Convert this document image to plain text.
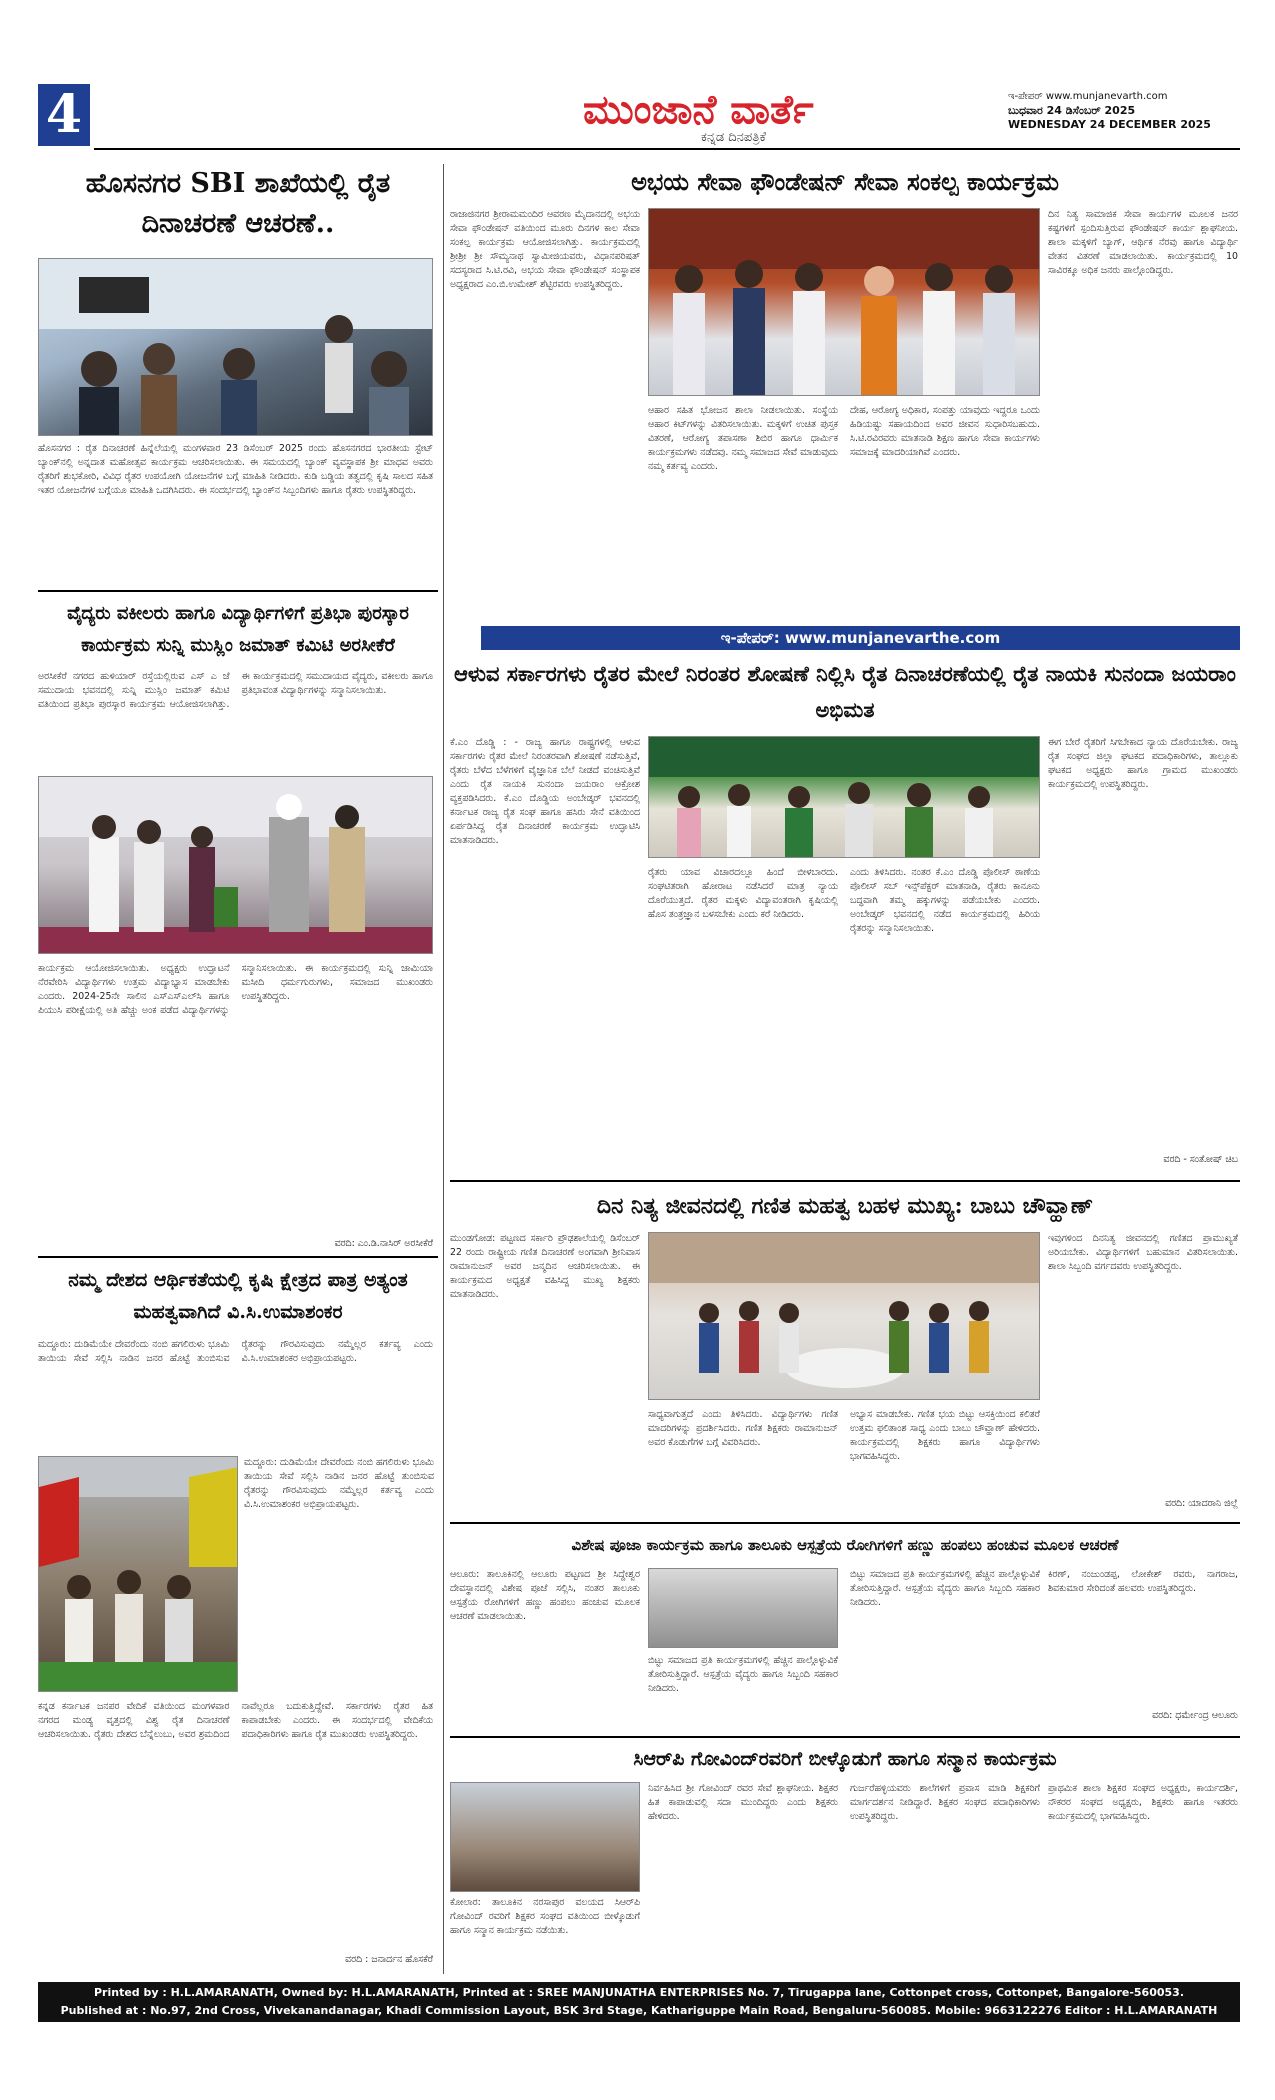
4	ಮುಂಜಾನೆ ವಾರ್ತೆ
ಕನ್ನಡ ದಿನಪತ್ರಿಕೆ
ಇ-ಪೇಪರ್ www.munjanevarth.com
ಬುಧವಾರ 24 ಡಿಸೆಂಬರ್ 2025
WEDNESDAY 24 DECEMBER 2025
ಹೊಸನಗರ SBI ಶಾಖೆಯಲ್ಲಿ ರೈತ ದಿನಾಚರಣೆ ಆಚರಣೆ..
ಹೊಸನಗರ : ರೈತ ದಿನಾಚರಣೆ ಹಿನ್ನೆಲೆಯಲ್ಲಿ ಮಂಗಳವಾರ 23 ಡಿಸೆಂಬರ್ 2025 ರಂದು ಹೊಸನಗರದ ಭಾರತೀಯ ಸ್ಟೇಟ್ ಬ್ಯಾಂಕ್‌ನಲ್ಲಿ ಅನ್ನದಾತ ಮಹೋತ್ಸವ ಕಾರ್ಯಕ್ರಮ ಆಚರಿಸಲಾಯಿತು. ಈ ಸಮಯದಲ್ಲಿ ಬ್ಯಾಂಕ್ ವ್ಯವಸ್ಥಾಪಕ ಶ್ರೀ ಮಾಧವ ಅವರು ರೈತರಿಗೆ ಶುಭಕೋರಿ, ವಿವಿಧ ರೈತರ ಉಪಯೋಗಿ ಯೋಜನೆಗಳ ಬಗ್ಗೆ ಮಾಹಿತಿ ನೀಡಿದರು. ಕುಡಿ ಬಡ್ಡಿಯ ತತ್ವದಲ್ಲಿ ಕೃಷಿ ಸಾಲದ ಸಹಿತ ಇತರ ಯೋಜನೆಗಳ ಬಗ್ಗೆಯೂ ಮಾಹಿತಿ ಒದಗಿಸಿದರು. ಈ ಸಂದರ್ಭದಲ್ಲಿ ಬ್ಯಾಂಕ್‌ನ ಸಿಬ್ಬಂದಿಗಳು ಹಾಗೂ ರೈತರು ಉಪಸ್ಥಿತರಿದ್ದರು.
ವೈದ್ಯರು ವಕೀಲರು ಹಾಗೂ ವಿದ್ಯಾರ್ಥಿಗಳಿಗೆ ಪ್ರತಿಭಾ ಪುರಸ್ಕಾರ ಕಾರ್ಯಕ್ರಮ ಸುನ್ನಿ ಮುಸ್ಲಿಂ ಜಮಾತ್ ಕಮಿಟಿ ಅರಸೀಕೆರೆ
ಅರಸೀಕೆರೆ ನಗರದ ಹುಳಿಯಾರ್ ರಸ್ತೆಯಲ್ಲಿರುವ ಎಸ್ ಎ ಜೆ ಸಮುದಾಯ ಭವನದಲ್ಲಿ ಸುನ್ನಿ ಮುಸ್ಲಿಂ ಜಮಾತ್ ಕಮಿಟಿ ವತಿಯಿಂದ ಪ್ರತಿಭಾ ಪುರಸ್ಕಾರ ಕಾರ್ಯಕ್ರಮ ಆಯೋಜಿಸಲಾಗಿತ್ತು. ಈ ಕಾರ್ಯಕ್ರಮದಲ್ಲಿ ಸಮುದಾಯದ ವೈದ್ಯರು, ವಕೀಲರು ಹಾಗೂ ಪ್ರತಿಭಾವಂತ ವಿದ್ಯಾರ್ಥಿಗಳನ್ನು ಸನ್ಮಾನಿಸಲಾಯಿತು.
ಕಾರ್ಯಕ್ರಮ ಆಯೋಜಿಸಲಾಯಿತು. ಅಧ್ಯಕ್ಷರು ಉದ್ಘಾಟನೆ ನೆರವೇರಿಸಿ ವಿದ್ಯಾರ್ಥಿಗಳು ಉತ್ತಮ ವಿದ್ಯಾಭ್ಯಾಸ ಮಾಡಬೇಕು ಎಂದರು. 2024-25ನೇ ಸಾಲಿನ ಎಸ್‌ಎಸ್‌ಎಲ್‌ಸಿ ಹಾಗೂ ಪಿಯುಸಿ ಪರೀಕ್ಷೆಯಲ್ಲಿ ಅತಿ ಹೆಚ್ಚು ಅಂಕ ಪಡೆದ ವಿದ್ಯಾರ್ಥಿಗಳನ್ನು ಸನ್ಮಾನಿಸಲಾಯಿತು. ಈ ಕಾರ್ಯಕ್ರಮದಲ್ಲಿ ಸುನ್ನಿ ಜಾಮಿಯಾ ಮಸೀದಿ ಧರ್ಮಗುರುಗಳು, ಸಮಾಜದ ಮುಖಂಡರು ಉಪಸ್ಥಿತರಿದ್ದರು.
ವರದಿ: ಎಂ.ಡಿ.ನಾಸಿರ್ ಅರಸೀಕೆರೆ
ನಮ್ಮ ದೇಶದ ಆರ್ಥಿಕತೆಯಲ್ಲಿ ಕೃಷಿ ಕ್ಷೇತ್ರದ ಪಾತ್ರ ಅತ್ಯಂತ ಮಹತ್ವವಾಗಿದೆ ವಿ.ಸಿ.ಉಮಾಶಂಕರ
ಮದ್ದೂರು: ದುಡಿಮೆಯೇ ದೇವರೆಂದು ನಂಬಿ ಹಗಲಿರುಳು ಭೂಮಿ ತಾಯಿಯ ಸೇವೆ ಸಲ್ಲಿಸಿ ನಾಡಿನ ಜನರ ಹೊಟ್ಟೆ ತುಂಬಿಸುವ ರೈತರನ್ನು ಗೌರವಿಸುವುದು ನಮ್ಮೆಲ್ಲರ ಕರ್ತವ್ಯ ಎಂದು ವಿ.ಸಿ.ಉಮಾಶಂಕರ ಅಭಿಪ್ರಾಯಪಟ್ಟರು.
ಮದ್ದೂರು: ದುಡಿಮೆಯೇ ದೇವರೆಂದು ನಂಬಿ ಹಗಲಿರುಳು ಭೂಮಿ ತಾಯಿಯ ಸೇವೆ ಸಲ್ಲಿಸಿ ನಾಡಿನ ಜನರ ಹೊಟ್ಟೆ ತುಂಬಿಸುವ ರೈತರನ್ನು ಗೌರವಿಸುವುದು ನಮ್ಮೆಲ್ಲರ ಕರ್ತವ್ಯ ಎಂದು ವಿ.ಸಿ.ಉಮಾಶಂಕರ ಅಭಿಪ್ರಾಯಪಟ್ಟರು.
ಕನ್ನಡ ಕರ್ನಾಟಕ ಜನಪರ ವೇದಿಕೆ ವತಿಯಿಂದ ಮಂಗಳವಾರ ನಗರದ ಮಂಡ್ಯ ವೃತ್ತದಲ್ಲಿ ವಿಶ್ವ ರೈತ ದಿನಾಚರಣೆ ಆಚರಿಸಲಾಯಿತು. ರೈತರು ದೇಶದ ಬೆನ್ನೆಲುಬು, ಅವರ ಶ್ರಮದಿಂದ ನಾವೆಲ್ಲರೂ ಬದುಕುತ್ತಿದ್ದೇವೆ. ಸರ್ಕಾರಗಳು ರೈತರ ಹಿತ ಕಾಪಾಡಬೇಕು ಎಂದರು. ಈ ಸಂದರ್ಭದಲ್ಲಿ ವೇದಿಕೆಯ ಪದಾಧಿಕಾರಿಗಳು ಹಾಗೂ ರೈತ ಮುಖಂಡರು ಉಪಸ್ಥಿತರಿದ್ದರು.
ವರದಿ : ಜನಾರ್ದನ ಹೊಸಕೆರೆ
ಅಭಯ ಸೇವಾ ಫೌಂಡೇಷನ್ ಸೇವಾ ಸಂಕಲ್ಪ ಕಾರ್ಯಕ್ರಮ
ರಾಜಾಜಿನಗರ ಶ್ರೀರಾಮಮಂದಿರ ಆವರಣ ಮೈದಾನದಲ್ಲಿ ಅಭಯ ಸೇವಾ ಫೌಂಡೇಷನ್ ವತಿಯಿಂದ ಮೂರು ದಿನಗಳ ಕಾಲ ಸೇವಾ ಸಂಕಲ್ಪ ಕಾರ್ಯಕ್ರಮ ಆಯೋಜಿಸಲಾಗಿತ್ತು. ಕಾರ್ಯಕ್ರಮದಲ್ಲಿ ಶ್ರೀಶ್ರೀ ಶ್ರೀ ಸೌಮ್ಯನಾಥ ಸ್ವಾಮೀಜಿಯವರು, ವಿಧಾನಪರಿಷತ್ ಸದಸ್ಯರಾದ ಸಿ.ಟಿ.ರವಿ, ಅಭಯ ಸೇವಾ ಫೌಂಡೇಷನ್ ಸಂಸ್ಥಾಪಕ ಅಧ್ಯಕ್ಷರಾದ ಎಂ.ಬಿ.ಉಮೇಶ್ ಶೆಟ್ಟಿರವರು ಉಪಸ್ಥಿತರಿದ್ದರು.
ಆಹಾರ ಸಹಿತ ಭೋಜನ ಶಾಲಾ ನೀಡಲಾಯಿತು. ಸಂಸ್ಥೆಯ ಆಹಾರ ಕಿಟ್‌ಗಳನ್ನು ವಿತರಿಸಲಾಯಿತು. ಮಕ್ಕಳಿಗೆ ಉಚಿತ ಪುಸ್ತಕ ವಿತರಣೆ, ಆರೋಗ್ಯ ತಪಾಸಣಾ ಶಿಬಿರ ಹಾಗೂ ಧಾರ್ಮಿಕ ಕಾರ್ಯಕ್ರಮಗಳು ನಡೆದವು. ನಮ್ಮ ಸಮಾಜದ ಸೇವೆ ಮಾಡುವುದು ನಮ್ಮ ಕರ್ತವ್ಯ ಎಂದರು.
ದೇಹ, ಆರೋಗ್ಯ ಅಧಿಕಾರ, ಸಂಪತ್ತು ಯಾವುದು ಇದ್ದರೂ ಒಂದು ಹಿಡಿಯಷ್ಟು ಸಹಾಯದಿಂದ ಅವರ ಜೀವನ ಸುಧಾರಿಸಬಹುದು. ಸಿ.ಟಿ.ರವಿರವರು ಮಾತನಾಡಿ ಶಿಕ್ಷಣ ಹಾಗೂ ಸೇವಾ ಕಾರ್ಯಗಳು ಸಮಾಜಕ್ಕೆ ಮಾದರಿಯಾಗಿವೆ ಎಂದರು.
ದಿನ ನಿತ್ಯ ಸಾಮಾಜಿಕ ಸೇವಾ ಕಾರ್ಯಗಳ ಮೂಲಕ ಜನರ ಕಷ್ಟಗಳಿಗೆ ಸ್ಪಂದಿಸುತ್ತಿರುವ ಫೌಂಡೇಷನ್ ಕಾರ್ಯ ಶ್ಲಾಘನೀಯ. ಶಾಲಾ ಮಕ್ಕಳಿಗೆ ಬ್ಯಾಗ್, ಆರ್ಥಿಕ ನೆರವು ಹಾಗೂ ವಿದ್ಯಾರ್ಥಿ ವೇತನ ವಿತರಣೆ ಮಾಡಲಾಯಿತು. ಕಾರ್ಯಕ್ರಮದಲ್ಲಿ 10 ಸಾವಿರಕ್ಕೂ ಅಧಿಕ ಜನರು ಪಾಲ್ಗೊಂಡಿದ್ದರು.
ಇ-ಪೇಪರ್: www.munjanevarthe.com
ಆಳುವ ಸರ್ಕಾರಗಳು ರೈತರ ಮೇಲೆ ನಿರಂತರ ಶೋಷಣೆ ನಿಲ್ಲಿಸಿ ರೈತ ದಿನಾಚರಣೆಯಲ್ಲಿ ರೈತ ನಾಯಕಿ ಸುನಂದಾ ಜಯರಾಂ ಅಭಿಮತ
ಕೆ.ಎಂ ದೊಡ್ಡಿ : - ರಾಜ್ಯ ಹಾಗೂ ರಾಷ್ಟ್ರಗಳಲ್ಲಿ ಆಳುವ ಸರ್ಕಾರಗಳು ರೈತರ ಮೇಲೆ ನಿರಂತರವಾಗಿ ಶೋಷಣೆ ನಡೆಸುತ್ತಿವೆ, ರೈತರು ಬೆಳೆದ ಬೆಳೆಗಳಿಗೆ ವೈಜ್ಞಾನಿಕ ಬೆಲೆ ನೀಡದೆ ವಂಚಿಸುತ್ತಿವೆ ಎಂದು ರೈತ ನಾಯಕಿ ಸುನಂದಾ ಜಯರಾಂ ಆಕ್ರೋಶ ವ್ಯಕ್ತಪಡಿಸಿದರು. ಕೆ.ಎಂ ದೊಡ್ಡಿಯ ಅಂಬೇಡ್ಕರ್ ಭವನದಲ್ಲಿ ಕರ್ನಾಟಕ ರಾಜ್ಯ ರೈತ ಸಂಘ ಹಾಗೂ ಹಸಿರು ಸೇನೆ ವತಿಯಿಂದ ಏರ್ಪಡಿಸಿದ್ದ ರೈತ ದಿನಾಚರಣೆ ಕಾರ್ಯಕ್ರಮ ಉದ್ಘಾಟಿಸಿ ಮಾತನಾಡಿದರು.
ರೈತರು ಯಾವ ವಿಚಾರದಲ್ಲೂ ಹಿಂದೆ ಬೀಳಬಾರದು. ಸಂಘಟಿತರಾಗಿ ಹೋರಾಟ ನಡೆಸಿದರೆ ಮಾತ್ರ ನ್ಯಾಯ ದೊರೆಯುತ್ತದೆ. ರೈತರ ಮಕ್ಕಳು ವಿದ್ಯಾವಂತರಾಗಿ ಕೃಷಿಯಲ್ಲಿ ಹೊಸ ತಂತ್ರಜ್ಞಾನ ಬಳಸಬೇಕು ಎಂದು ಕರೆ ನೀಡಿದರು.
ಎಂದು ತಿಳಿಸಿದರು. ನಂತರ ಕೆ.ಎಂ ದೊಡ್ಡಿ ಪೊಲೀಸ್ ಠಾಣೆಯ ಪೊಲೀಸ್ ಸಬ್ ಇನ್ಸ್‌ಪೆಕ್ಟರ್ ಮಾತನಾಡಿ, ರೈತರು ಕಾನೂನು ಬದ್ಧವಾಗಿ ತಮ್ಮ ಹಕ್ಕುಗಳನ್ನು ಪಡೆಯಬೇಕು ಎಂದರು. ಅಂಬೇಡ್ಕರ್ ಭವನದಲ್ಲಿ ನಡೆದ ಕಾರ್ಯಕ್ರಮದಲ್ಲಿ ಹಿರಿಯ ರೈತರನ್ನು ಸನ್ಮಾನಿಸಲಾಯಿತು.
ಈಗ ಬೇರೆ ರೈತರಿಗೆ ಸಿಗಬೇಕಾದ ನ್ಯಾಯ ದೊರೆಯಬೇಕು. ರಾಜ್ಯ ರೈತ ಸಂಘದ ಜಿಲ್ಲಾ ಘಟಕದ ಪದಾಧಿಕಾರಿಗಳು, ತಾಲ್ಲೂಕು ಘಟಕದ ಅಧ್ಯಕ್ಷರು ಹಾಗೂ ಗ್ರಾಮದ ಮುಖಂಡರು ಕಾರ್ಯಕ್ರಮದಲ್ಲಿ ಉಪಸ್ಥಿತರಿದ್ದರು.
ವರದಿ - ಸಂತೋಷ್ ಚಿಬ
ದಿನ ನಿತ್ಯ ಜೀವನದಲ್ಲಿ ಗಣಿತ ಮಹತ್ವ ಬಹಳ ಮುಖ್ಯ: ಬಾಬು ಚೌವ್ಹಾಣ್
ಮುಂಡಗೋಡ: ಪಟ್ಟಣದ ಸರ್ಕಾರಿ ಪ್ರೌಢಶಾಲೆಯಲ್ಲಿ ಡಿಸೆಂಬರ್ 22 ರಂದು ರಾಷ್ಟ್ರೀಯ ಗಣಿತ ದಿನಾಚರಣೆ ಅಂಗವಾಗಿ ಶ್ರೀನಿವಾಸ ರಾಮಾನುಜನ್ ಅವರ ಜನ್ಮದಿನ ಆಚರಿಸಲಾಯಿತು. ಈ ಕಾರ್ಯಕ್ರಮದ ಅಧ್ಯಕ್ಷತೆ ವಹಿಸಿದ್ದ ಮುಖ್ಯ ಶಿಕ್ಷಕರು ಮಾತನಾಡಿದರು.
ಸಾಧ್ಯವಾಗುತ್ತದೆ ಎಂದು ತಿಳಿಸಿದರು. ವಿದ್ಯಾರ್ಥಿಗಳು ಗಣಿತ ಮಾದರಿಗಳನ್ನು ಪ್ರದರ್ಶಿಸಿದರು. ಗಣಿತ ಶಿಕ್ಷಕರು ರಾಮಾನುಜನ್ ಅವರ ಕೊಡುಗೆಗಳ ಬಗ್ಗೆ ವಿವರಿಸಿದರು.
ಅಭ್ಯಾಸ ಮಾಡಬೇಕು. ಗಣಿತ ಭಯ ಬಿಟ್ಟು ಆಸಕ್ತಿಯಿಂದ ಕಲಿತರೆ ಉತ್ತಮ ಫಲಿತಾಂಶ ಸಾಧ್ಯ ಎಂದು ಬಾಬು ಚೌವ್ಹಾಣ್ ಹೇಳಿದರು. ಕಾರ್ಯಕ್ರಮದಲ್ಲಿ ಶಿಕ್ಷಕರು ಹಾಗೂ ವಿದ್ಯಾರ್ಥಿಗಳು ಭಾಗವಹಿಸಿದ್ದರು.
ಇವುಗಳಿಂದ ದಿನನಿತ್ಯ ಜೀವನದಲ್ಲಿ ಗಣಿತದ ಪ್ರಾಮುಖ್ಯತೆ ಅರಿಯಬೇಕು. ವಿದ್ಯಾರ್ಥಿಗಳಿಗೆ ಬಹುಮಾನ ವಿತರಿಸಲಾಯಿತು. ಶಾಲಾ ಸಿಬ್ಬಂದಿ ವರ್ಗದವರು ಉಪಸ್ಥಿತರಿದ್ದರು.
ವರದಿ: ಯಾದರಾನಿ ಜಿಲ್ಲೆ
ವಿಶೇಷ ಪೂಜಾ ಕಾರ್ಯಕ್ರಮ ಹಾಗೂ ತಾಲೂಕು ಆಸ್ಪತ್ರೆಯ ರೋಗಿಗಳಿಗೆ ಹಣ್ಣು ಹಂಪಲು ಹಂಚುವ ಮೂಲಕ ಆಚರಣೆ
ಆಲೂರು: ತಾಲೂಕಿನಲ್ಲಿ ಆಲೂರು ಪಟ್ಟಣದ ಶ್ರೀ ಸಿದ್ದೇಶ್ವರ ದೇವಸ್ಥಾನದಲ್ಲಿ ವಿಶೇಷ ಪೂಜೆ ಸಲ್ಲಿಸಿ, ನಂತರ ತಾಲೂಕು ಆಸ್ಪತ್ರೆಯ ರೋಗಿಗಳಿಗೆ ಹಣ್ಣು ಹಂಪಲು ಹಂಚುವ ಮೂಲಕ ಆಚರಣೆ ಮಾಡಲಾಯಿತು.
ಬಿಟ್ಟು ಸಮಾಜದ ಪ್ರತಿ ಕಾರ್ಯಕ್ರಮಗಳಲ್ಲಿ ಹೆಚ್ಚಿನ ಪಾಲ್ಗೊಳ್ಳುವಿಕೆ ತೋರಿಸುತ್ತಿದ್ದಾರೆ. ಆಸ್ಪತ್ರೆಯ ವೈದ್ಯರು ಹಾಗೂ ಸಿಬ್ಬಂದಿ ಸಹಕಾರ ನೀಡಿದರು.
ಬಿಟ್ಟು ಸಮಾಜದ ಪ್ರತಿ ಕಾರ್ಯಕ್ರಮಗಳಲ್ಲಿ ಹೆಚ್ಚಿನ ಪಾಲ್ಗೊಳ್ಳುವಿಕೆ ತೋರಿಸುತ್ತಿದ್ದಾರೆ. ಆಸ್ಪತ್ರೆಯ ವೈದ್ಯರು ಹಾಗೂ ಸಿಬ್ಬಂದಿ ಸಹಕಾರ ನೀಡಿದರು.
ಕಿರಣ್, ನಂಜುಂಡಪ್ಪ, ಲೋಕೇಶ್ ರವರು, ನಾಗರಾಜ, ಶಿವಕುಮಾರ ಸೇರಿದಂತೆ ಹಲವರು ಉಪಸ್ಥಿತರಿದ್ದರು.
ವರದಿ: ಧರ್ಮೇಂದ್ರ ಆಲೂರು
ಸಿಆರ್‌ಪಿ ಗೋವಿಂದ್‌ರವರಿಗೆ ಬೀಳ್ಕೊಡುಗೆ ಹಾಗೂ ಸನ್ಮಾನ ಕಾರ್ಯಕ್ರಮ
ಕೋಲಾರ: ತಾಲೂಕಿನ ನರಸಾಪುರ ವಲಯದ ಸಿಆರ್‌ಪಿ ಗೋವಿಂದ್ ರವರಿಗೆ ಶಿಕ್ಷಕರ ಸಂಘದ ವತಿಯಿಂದ ಬೀಳ್ಕೊಡುಗೆ ಹಾಗೂ ಸನ್ಮಾನ ಕಾರ್ಯಕ್ರಮ ನಡೆಯಿತು.
ನಿರ್ವಹಿಸಿದ ಶ್ರೀ ಗೋವಿಂದ್ ರವರ ಸೇವೆ ಶ್ಲಾಘನೀಯ. ಶಿಕ್ಷಕರ ಹಿತ ಕಾಪಾಡುವಲ್ಲಿ ಸದಾ ಮುಂದಿದ್ದರು ಎಂದು ಶಿಕ್ಷಕರು ಹೇಳಿದರು.
ಗುರ್ಜರೆಹಳ್ಳಿಯವರು ಶಾಲೆಗಳಿಗೆ ಪ್ರವಾಸ ಮಾಡಿ ಶಿಕ್ಷಕರಿಗೆ ಮಾರ್ಗದರ್ಶನ ನೀಡಿದ್ದಾರೆ. ಶಿಕ್ಷಕರ ಸಂಘದ ಪದಾಧಿಕಾರಿಗಳು ಉಪಸ್ಥಿತರಿದ್ದರು.
ಪ್ರಾಥಮಿಕ ಶಾಲಾ ಶಿಕ್ಷಕರ ಸಂಘದ ಅಧ್ಯಕ್ಷರು, ಕಾರ್ಯದರ್ಶಿ, ನೌಕರರ ಸಂಘದ ಅಧ್ಯಕ್ಷರು, ಶಿಕ್ಷಕರು ಹಾಗೂ ಇತರರು ಕಾರ್ಯಕ್ರಮದಲ್ಲಿ ಭಾಗವಹಿಸಿದ್ದರು.
Printed by : H.L.AMARANATH, Owned by: H.L.AMARANATH, Printed at : SREE MANJUNATHA ENTERPRISES No. 7, Tirugappa lane, Cottonpet cross, Cottonpet, Bangalore-560053.
Published at : No.97, 2nd Cross, Vivekanandanagar, Khadi Commission Layout, BSK 3rd Stage, Kathariguppe Main Road, Bengaluru-560085. Mobile: 9663122276 Editor : H.L.AMARANATH
